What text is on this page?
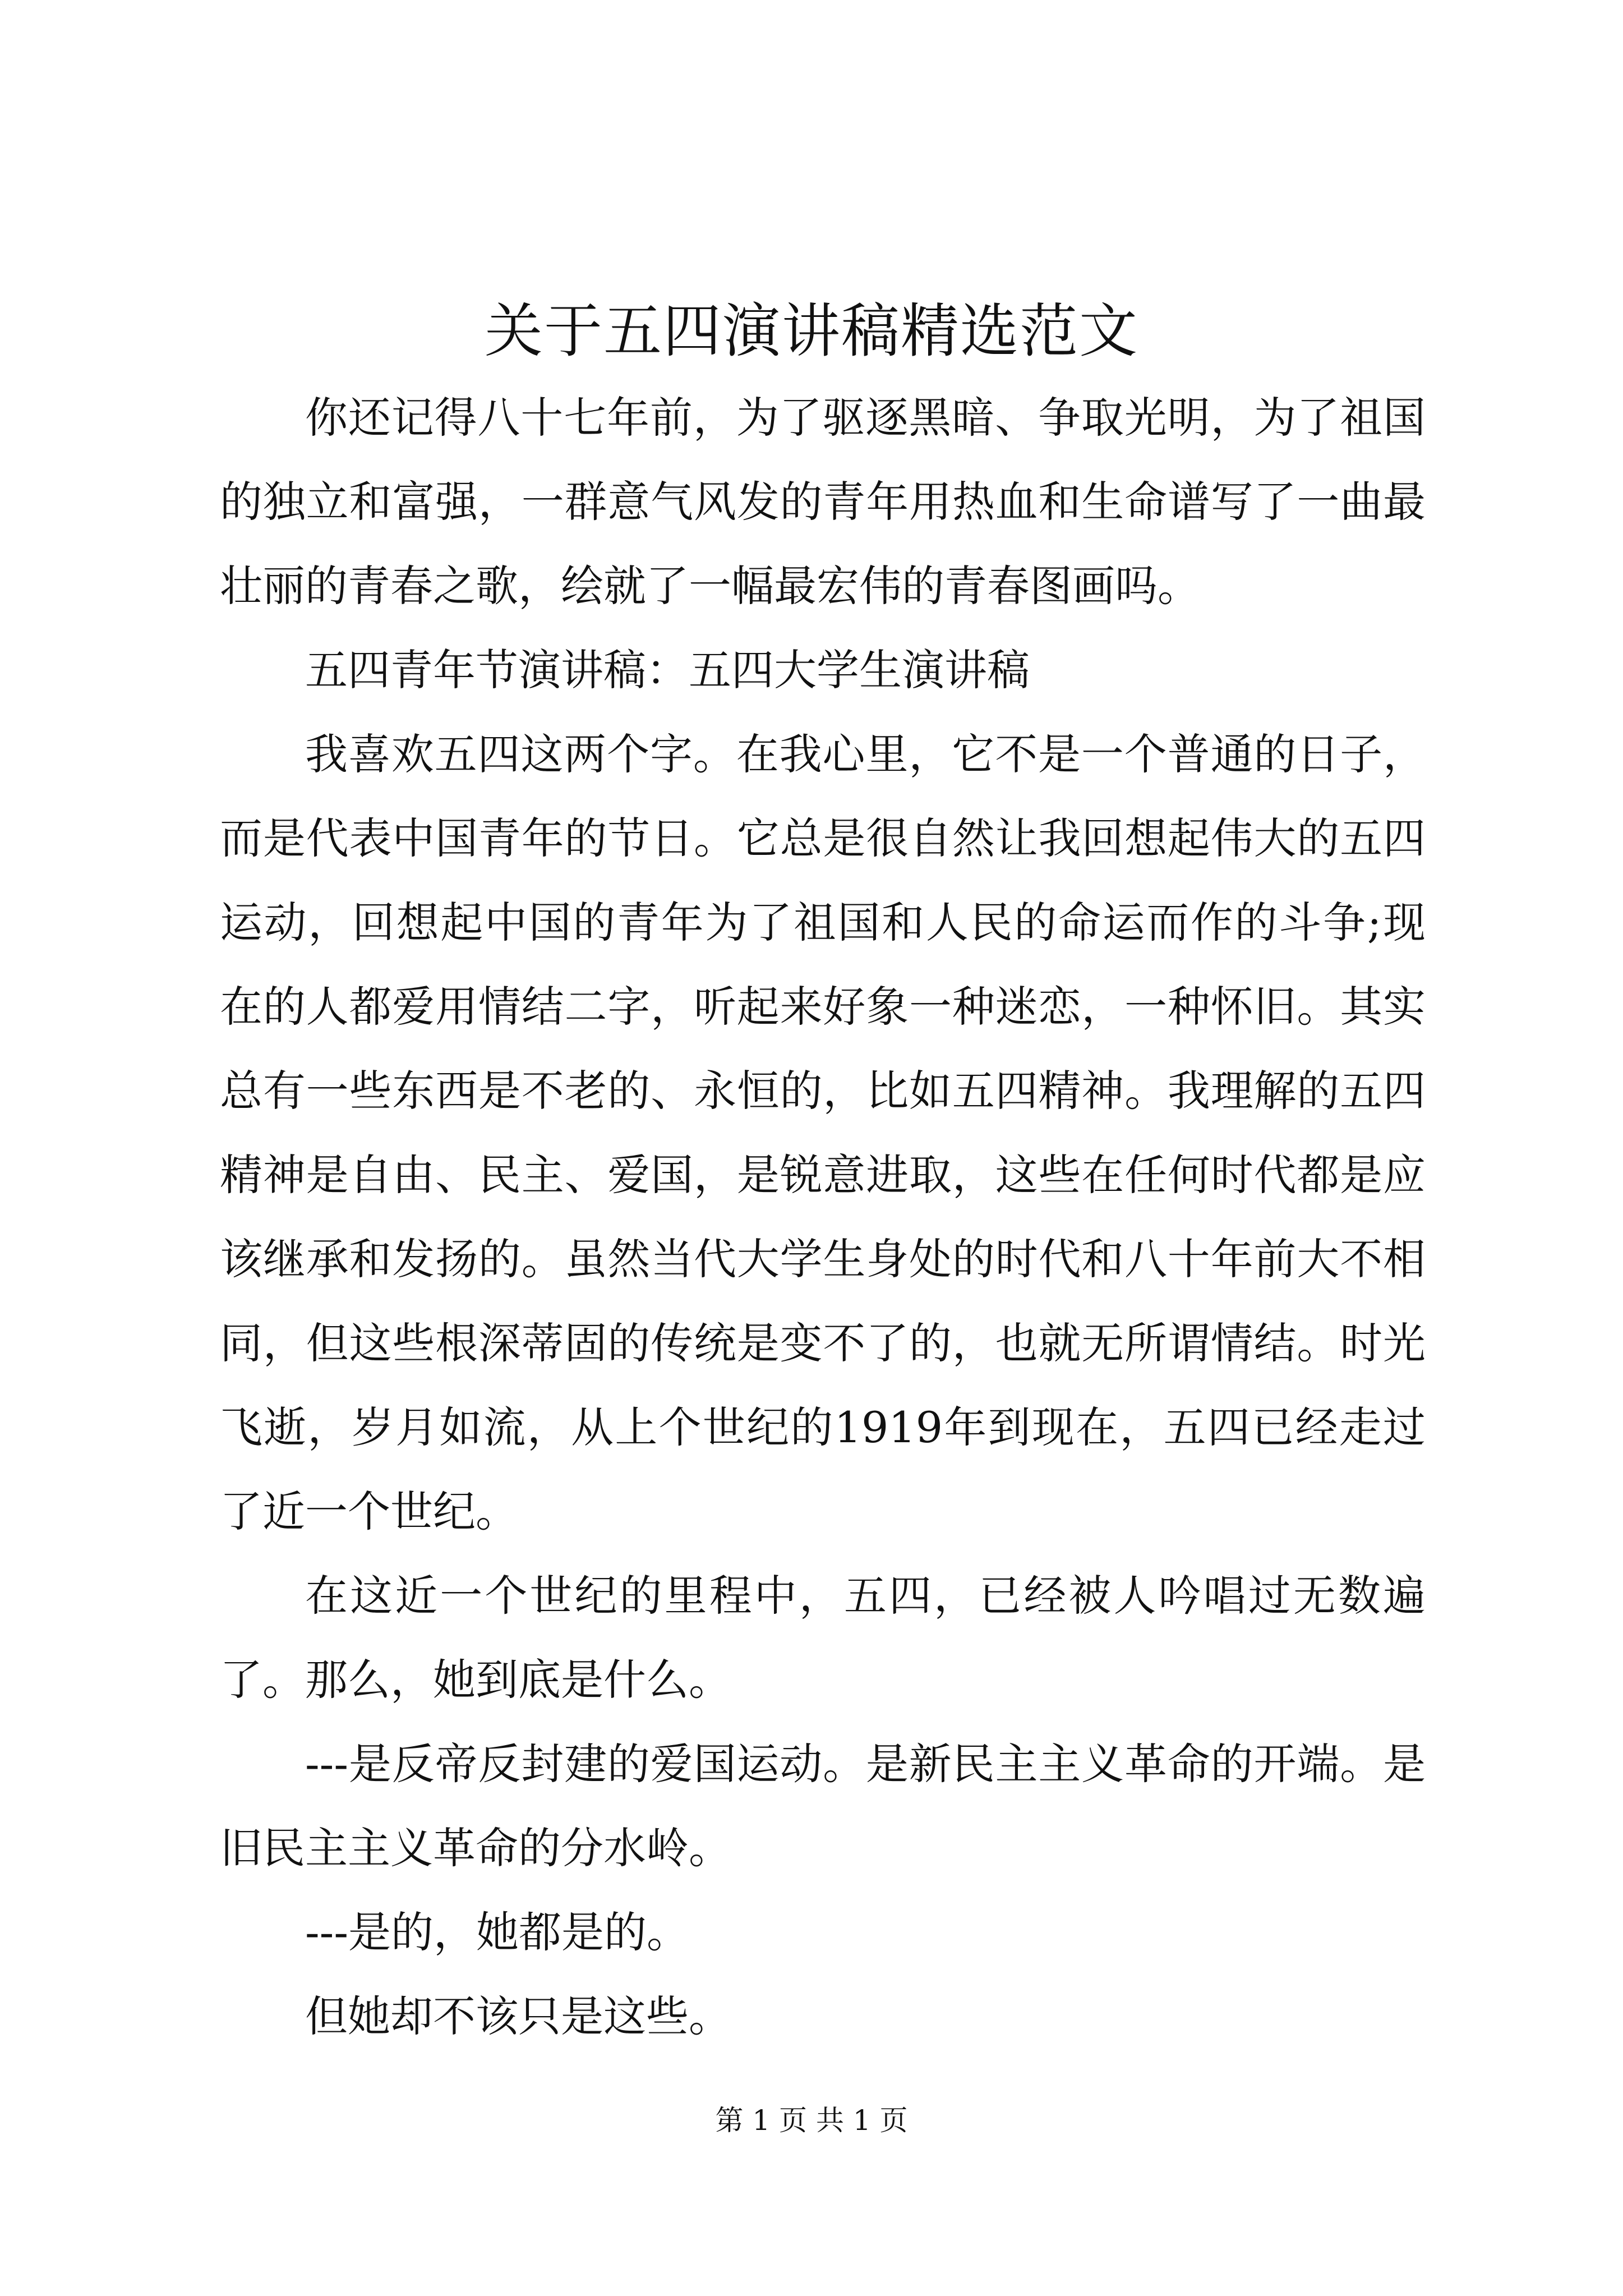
关于五四演讲稿精选范文

你还记得八十七年前，为了驱逐黑暗、争取光明，为了祖国的独立和富强，一群意气风发的青年用热血和生命谱写了一曲最壮丽的青春之歌，绘就了一幅最宏伟的青春图画吗。

五四青年节演讲稿：五四大学生演讲稿

我喜欢五四这两个字。在我心里，它不是一个普通的日子，而是代表中国青年的节日。它总是很自然让我回想起伟大的五四运动，回想起中国的青年为了祖国和人民的命运而作的斗争;现在的人都爱用情结二字，听起来好象一种迷恋，一种怀旧。其实总有一些东西是不老的、永恒的，比如五四精神。我理解的五四精神是自由、民主、爱国，是锐意进取，这些在任何时代都是应该继承和发扬的。虽然当代大学生身处的时代和八十年前大不相同，但这些根深蒂固的传统是变不了的，也就无所谓情结。时光飞逝，岁月如流，从上个世纪的1919年到现在，五四已经走过了近一个世纪。

在这近一个世纪的里程中，五四，已经被人吟唱过无数遍了。那么，她到底是什么。

---是反帝反封建的爱国运动。是新民主主义革命的开端。是旧民主主义革命的分水岭。

---是的，她都是的。

但她却不该只是这些。

第 1 页 共 1 页
